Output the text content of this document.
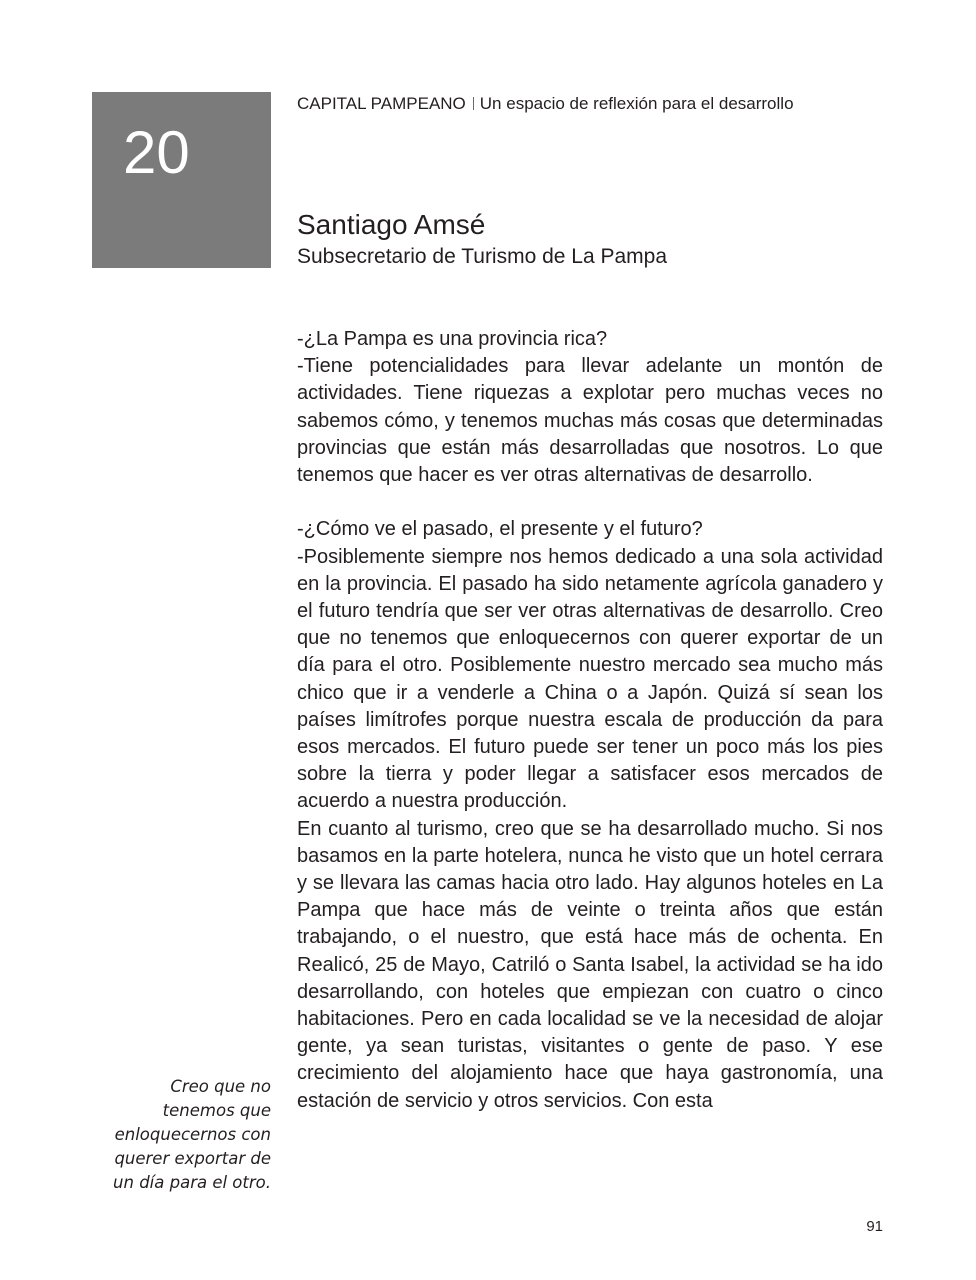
20
CAPITAL PAMPEANO Un espacio de reflexión para el desarrollo
Santiago Amsé
Subsecretario de Turismo de La Pampa

-¿La Pampa es una provincia rica?

-Tiene potencialidades para llevar adelante un montón de actividades. Tiene riquezas a explotar pero muchas veces no sabemos cómo, y tenemos muchas más cosas que determinadas provincias que están más desarrolladas que nosotros. Lo que tenemos que hacer es ver otras alternativas de desarrollo.

-¿Cómo ve el pasado, el presente y el futuro?

-Posiblemente siempre nos hemos dedicado a una sola actividad en la provincia. El pasado ha sido netamente agrícola ganadero y el futuro tendría que ser ver otras alternativas de desarrollo. Creo que no tenemos que enloquecernos con querer exportar de un día para el otro. Posiblemente nuestro mercado sea mucho más chico que ir a venderle a China o a Japón. Quizá sí sean los países limítrofes porque nuestra escala de producción da para esos mercados. El futuro puede ser tener un poco más los pies sobre la tierra y poder llegar a satisfacer esos mercados de acuerdo a nuestra producción.

En cuanto al turismo, creo que se ha desarrollado mucho. Si nos basamos en la parte hotelera, nunca he visto que un hotel cerrara y se llevara las camas hacia otro lado. Hay algunos hoteles en La Pampa que hace más de veinte o treinta años que están trabajando, o el nuestro, que está hace más de ochenta. En Realicó, 25 de Mayo, Catriló o Santa Isabel, la actividad se ha ido desarrollando, con hoteles que empiezan con cuatro o cinco habitaciones. Pero en cada localidad se ve la necesidad de alojar gente, ya sean turistas, visitantes o gente de paso. Y ese crecimiento del alojamiento hace que haya gastronomía, una estación de servicio y otros servicios. Con esta

Creo que no
tenemos que
enloquecernos con
querer exportar de
un día para el otro.
91
